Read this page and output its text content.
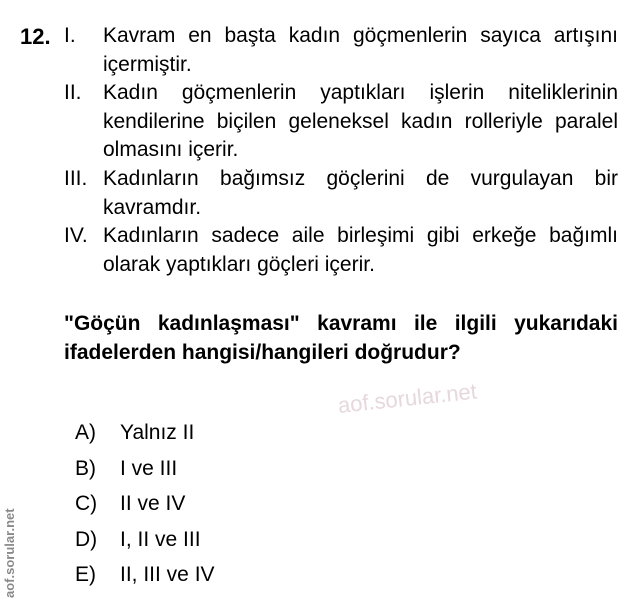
12. I.	Kavram en başta kadın göçmenlerin sayıca artışını içermiştir.
II.	Kadın göçmenlerin yaptıkları işlerin niteliklerinin kendilerine biçilen geleneksel kadın rolleriyle paralel olmasını içerir.
III. Kadınların bağımsız göçlerini de vurgulayan bir kavramdır.
IV. Kadınların sadece aile birleşimi gibi erkeğe bağımlı olarak yaptıkları göçleri içerir.
"Göçün kadınlaşması" kavramı ile ilgili yukarıdaki ifadelerden hangisi/hangileri doğrudur?
aof.sorular.net
A)	Yalnız II
B)	I ve III
C)	II ve IV
D)	I, II ve III
E)	II, III ve IV
aof.sorular.net
